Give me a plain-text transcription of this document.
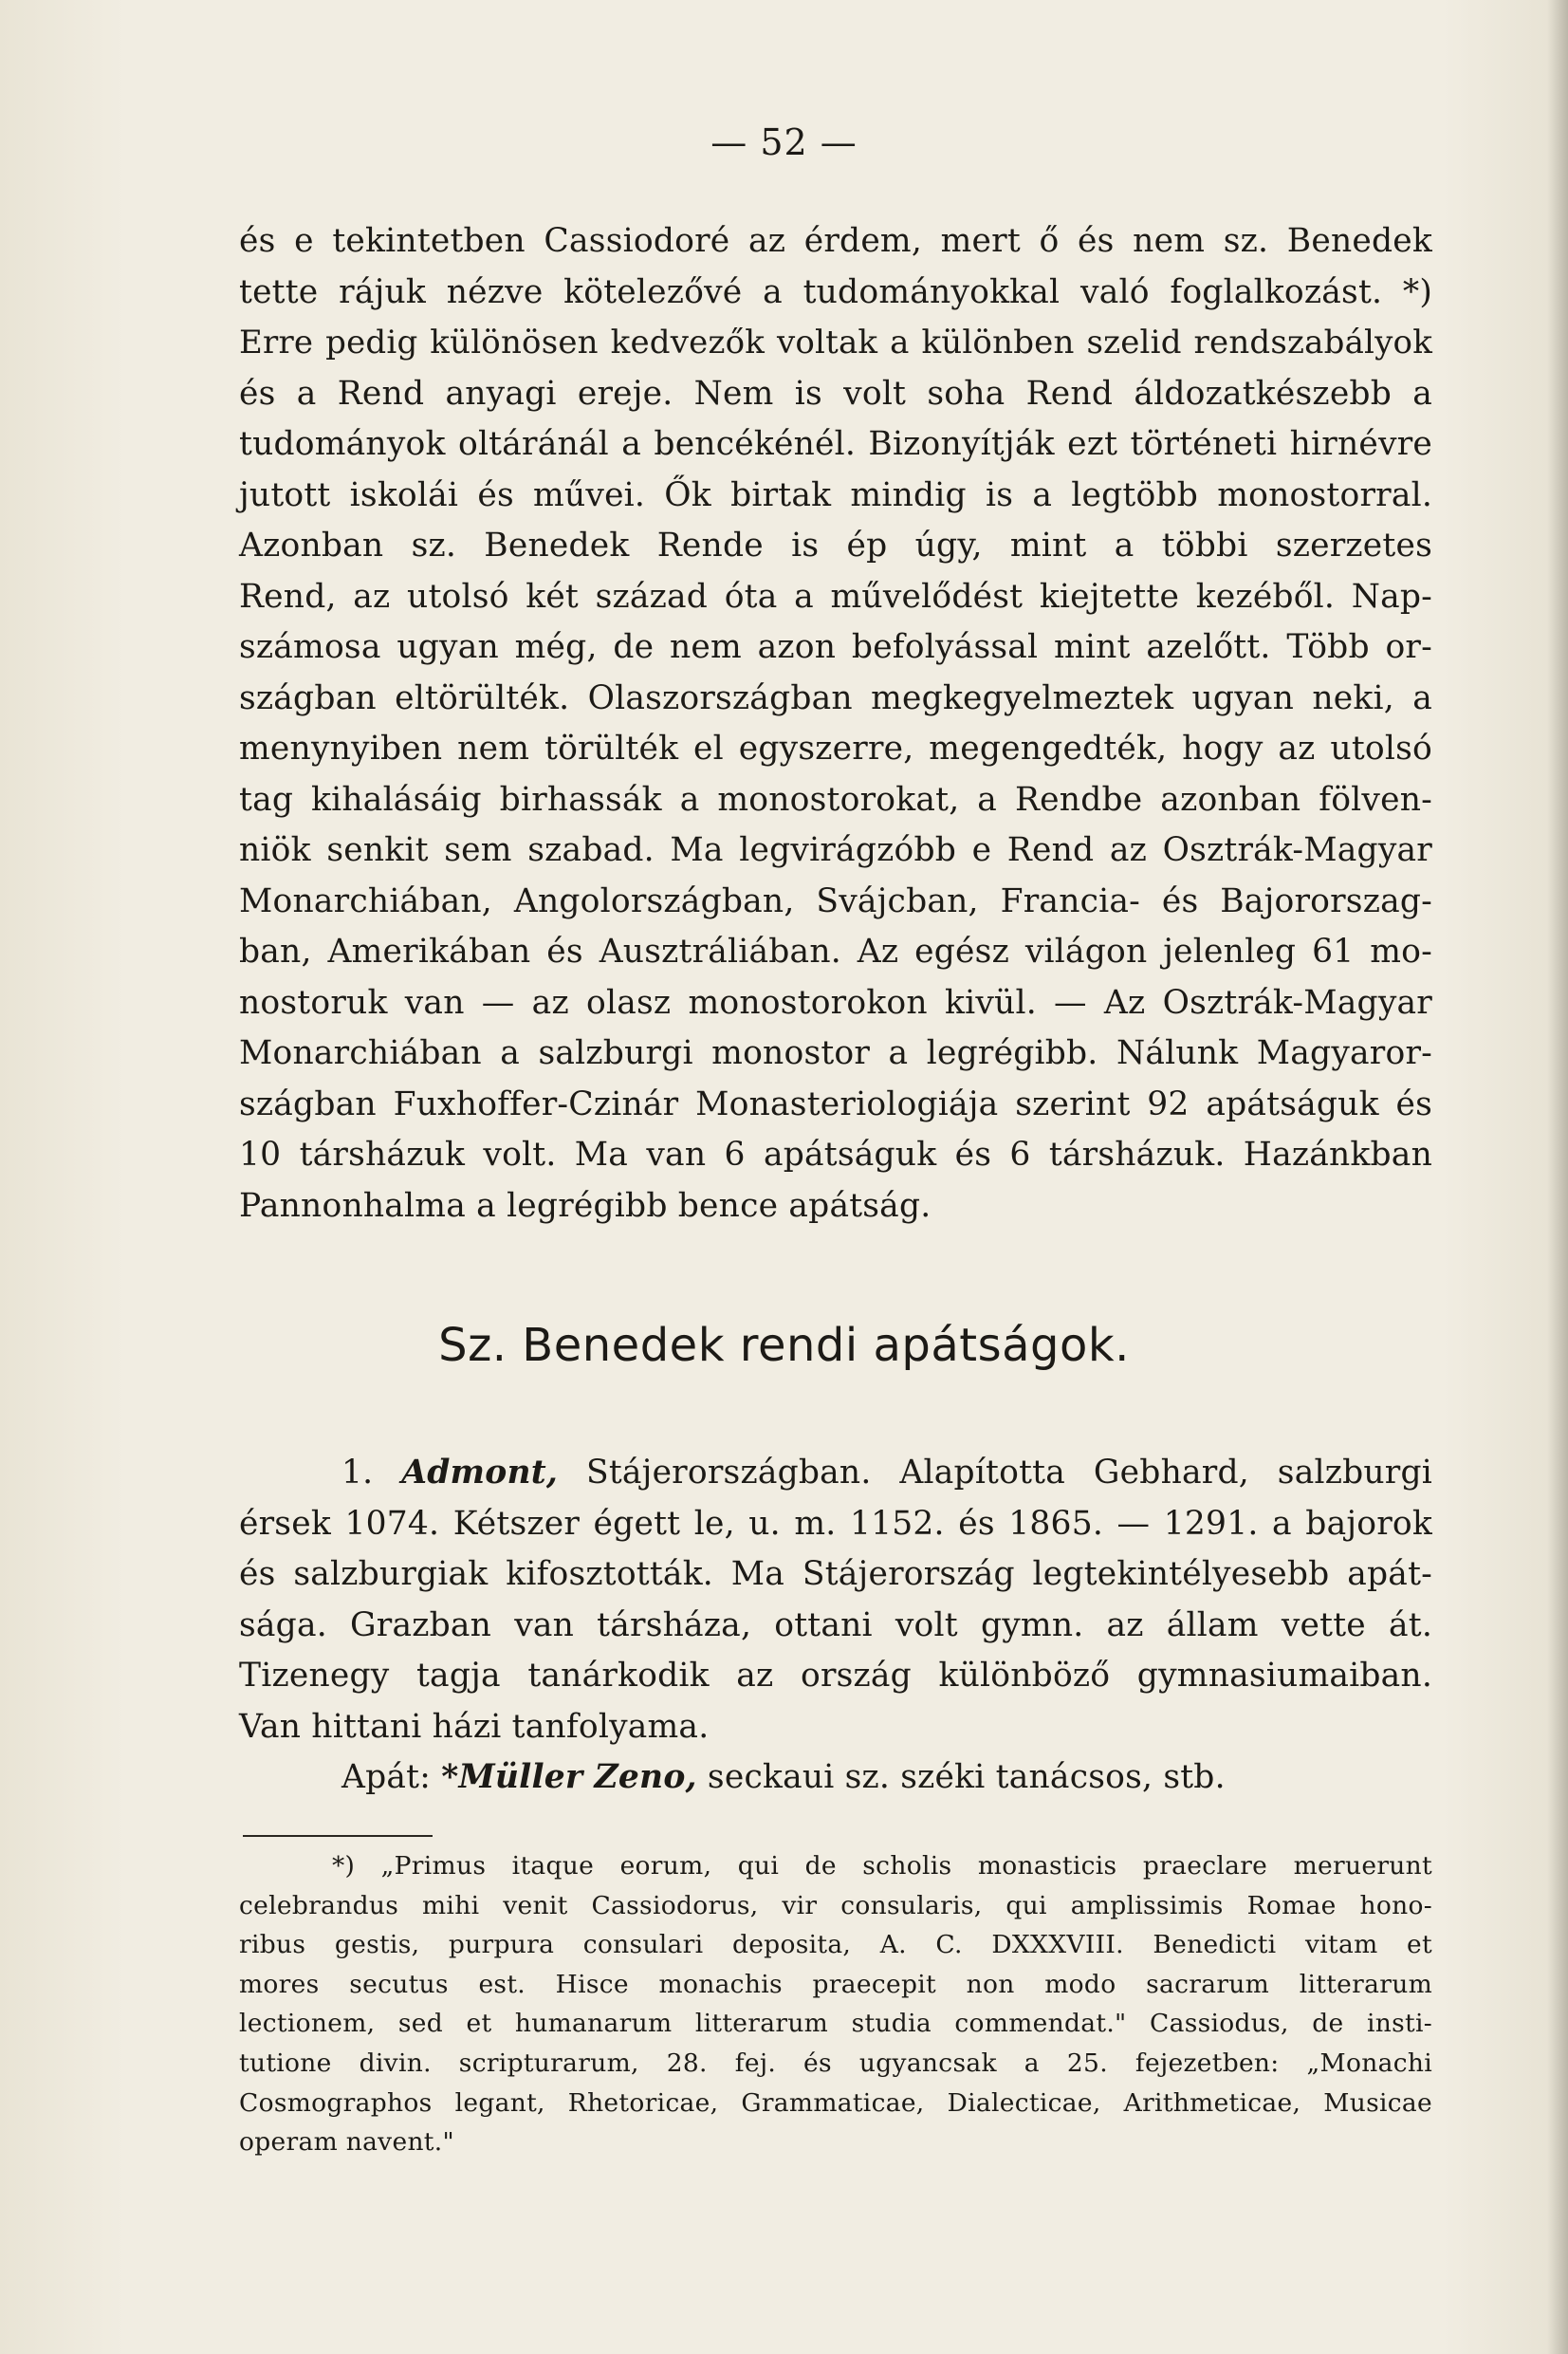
— 52 —
és e tekintetben Cassiodoré az érdem, mert ő és nem sz. Benedek
tette rájuk nézve kötelezővé a tudományokkal való foglalkozást. *)
Erre pedig különösen kedvezők voltak a különben szelid rendszabályok
és a Rend anyagi ereje. Nem is volt soha Rend áldozatkészebb a
tudományok oltáránál a bencékénél. Bizonyítják ezt történeti hirnévre
jutott iskolái és művei. Ők birtak mindig is a legtöbb monostorral.
Azonban sz. Benedek Rende is ép úgy, mint a többi szerzetes
Rend, az utolsó két század óta a művelődést kiejtette kezéből. Nap-
számosa ugyan még, de nem azon befolyással mint azelőtt. Több or-
szágban eltörülték. Olaszországban megkegyelmeztek ugyan neki, a
menynyiben nem törülték el egyszerre, megengedték, hogy az utolsó
tag kihalásáig birhassák a monostorokat, a Rendbe azonban fölven-
niök senkit sem szabad. Ma legvirágzóbb e Rend az Osztrák-Magyar
Monarchiában, Angolországban, Svájcban, Francia- és Bajororszag-
ban, Amerikában és Ausztráliában. Az egész világon jelenleg 61 mo-
nostoruk van — az olasz monostorokon kivül. — Az Osztrák-Magyar
Monarchiában a salzburgi monostor a legrégibb. Nálunk Magyaror-
szágban Fuxhoffer-Czinár Monasteriologiája szerint 92 apátságuk és
10 társházuk volt. Ma van 6 apátságuk és 6 társházuk. Hazánkban
Pannonhalma a legrégibb bence apátság.
Sz. Benedek rendi apátságok.
1. Admont, Stájerországban. Alapította Gebhard, salzburgi
érsek 1074. Kétszer égett le, u. m. 1152. és 1865. — 1291. a bajorok
és salzburgiak kifosztották. Ma Stájerország legtekintélyesebb apát-
sága. Grazban van társháza, ottani volt gymn. az állam vette át.
Tizenegy tagja tanárkodik az ország különböző gymnasiumaiban.
Van hittani házi tanfolyama.
Apát: *Müller Zeno, seckaui sz. széki tanácsos, stb.
*) „Primus itaque eorum, qui de scholis monasticis praeclare meruerunt
celebrandus mihi venit Cassiodorus, vir consularis, qui amplissimis Romae hono-
ribus gestis, purpura consulari deposita, A. C. DXXXVIII. Benedicti vitam et
mores secutus est. Hisce monachis praecepit non modo sacrarum litterarum
lectionem, sed et humanarum litterarum studia commendat." Cassiodus, de insti-
tutione divin. scripturarum, 28. fej. és ugyancsak a 25. fejezetben: „Monachi
Cosmographos legant, Rhetoricae, Grammaticae, Dialecticae, Arithmeticae, Musicae
operam navent."
